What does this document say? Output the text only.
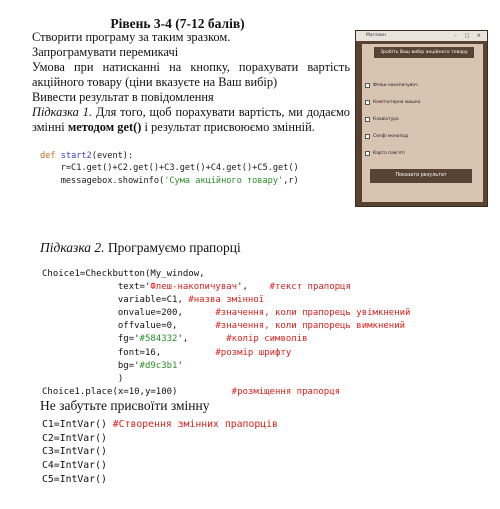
Рівень 3-4 (7-12 балів)

Створити програму за таким зразком.

Запрограмувати перемикачі

Умова при натисканні на кнопку, порахувати вартість акційного товару (ціни вказуєте на Ваш вибір)

Вивести результат в повідомлення

Підказка 1. Для того, щоб порахувати вартість, ми додаємо змінні методом get() і результат присвоюємо змінній.

def start2(event):
r=C1.get()+C2.get()+C3.get()+C4.get()+C5.get()
messagebox.showinfo('Сума акційного товару',r)
Магазин	– □ ×
Зробіть Ваш вибір акційного товару
Флеш-накопичувач
Комп'ютерна мишка
Клавіатура
Селфі монопод
Карта пам'яті
Показати результат
Підказка 2. Програмуємо прапорці
Choice1=Checkbutton(My_window,
text='Флеш-накопичувач', #текст прапорця
variable=C1, #назва змінної
onvalue=200,      #значення, коли прапорець увімкнений
offvalue=0,       #значення, коли прапорець вимкнений
fg='#584332',       #колір символів
font=16,          #розмір шрифту
bg='#d9c3b1'
)
Choice1.place(x=10,y=100)	#розміщення прапорця
Не забутьте присвоїти змінну
C1=IntVar() #Створення змінних прапорців
C2=IntVar()
C3=IntVar()
C4=IntVar()
C5=IntVar()
